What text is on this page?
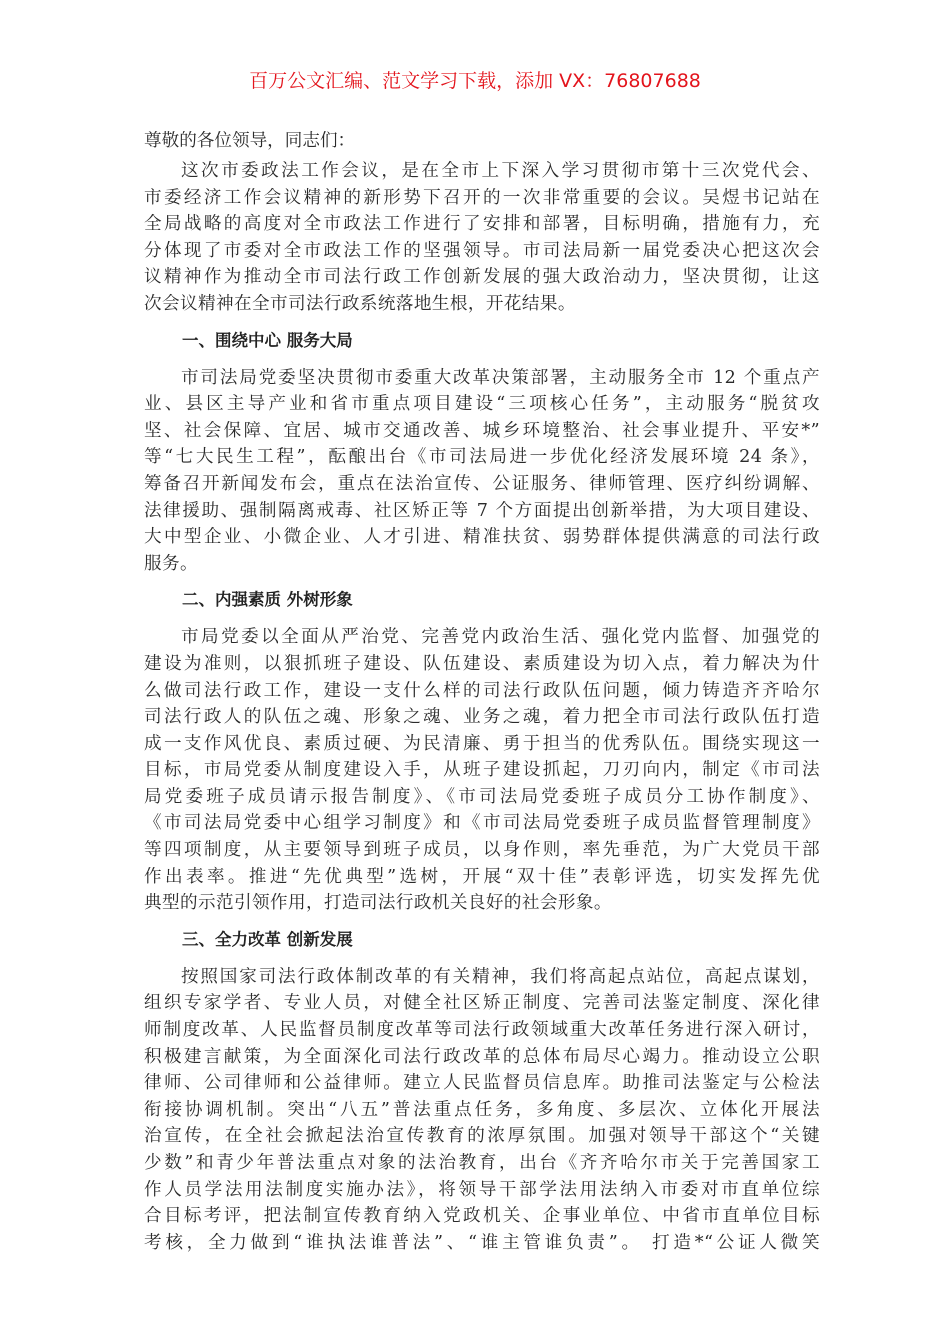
百万公文汇编、范文学习下载，添加 VX：76807688
尊敬的各位领导，同志们：
这次市委政法工作会议，是在全市上下深入学习贯彻市第十三次党代会、
市委经济工作会议精神的新形势下召开的一次非常重要的会议。吴煜书记站在
全局战略的高度对全市政法工作进行了安排和部署，目标明确，措施有力，充
分体现了市委对全市政法工作的坚强领导。市司法局新一届党委决心把这次会
议精神作为推动全市司法行政工作创新发展的强大政治动力，坚决贯彻，让这
次会议精神在全市司法行政系统落地生根，开花结果。
一、围绕中心 服务大局
市司法局党委坚决贯彻市委重大改革决策部署，主动服务全市 12 个重点产
业、县区主导产业和省市重点项目建设“三项核心任务”，主动服务“脱贫攻
坚、社会保障、宜居、城市交通改善、城乡环境整治、社会事业提升、平安*”
等“七大民生工程”，酝酿出台《市司法局进一步优化经济发展环境 24 条》，
筹备召开新闻发布会，重点在法治宣传、公证服务、律师管理、医疗纠纷调解、
法律援助、强制隔离戒毒、社区矫正等 7 个方面提出创新举措，为大项目建设、
大中型企业、小微企业、人才引进、精准扶贫、弱势群体提供满意的司法行政
服务。
二、内强素质 外树形象
市局党委以全面从严治党、完善党内政治生活、强化党内监督、加强党的
建设为准则，以狠抓班子建设、队伍建设、素质建设为切入点，着力解决为什
么做司法行政工作，建设一支什么样的司法行政队伍问题，倾力铸造齐齐哈尔
司法行政人的队伍之魂、形象之魂、业务之魂，着力把全市司法行政队伍打造
成一支作风优良、素质过硬、为民清廉、勇于担当的优秀队伍。围绕实现这一
目标，市局党委从制度建设入手，从班子建设抓起，刀刃向内，制定《市司法
局党委班子成员请示报告制度》、《市司法局党委班子成员分工协作制度》、
《市司法局党委中心组学习制度》和《市司法局党委班子成员监督管理制度》
等四项制度，从主要领导到班子成员，以身作则，率先垂范，为广大党员干部
作出表率。推进“先优典型”选树，开展“双十佳”表彰评选，切实发挥先优
典型的示范引领作用，打造司法行政机关良好的社会形象。
三、全力改革 创新发展
按照国家司法行政体制改革的有关精神，我们将高起点站位，高起点谋划，
组织专家学者、专业人员，对健全社区矫正制度、完善司法鉴定制度、深化律
师制度改革、人民监督员制度改革等司法行政领域重大改革任务进行深入研讨，
积极建言献策，为全面深化司法行政改革的总体布局尽心竭力。推动设立公职
律师、公司律师和公益律师。建立人民监督员信息库。助推司法鉴定与公检法
衔接协调机制。突出“八五”普法重点任务，多角度、多层次、立体化开展法
治宣传，在全社会掀起法治宣传教育的浓厚氛围。加强对领导干部这个“关键
少数”和青少年普法重点对象的法治教育，出台《齐齐哈尔市关于完善国家工
作人员学法用法制度实施办法》，将领导干部学法用法纳入市委对市直单位综
合目标考评，把法制宣传教育纳入党政机关、企事业单位、中省市直单位目标
考核，全力做到“谁执法谁普法”、“谁主管谁负责”。 打造*“公证人微笑
